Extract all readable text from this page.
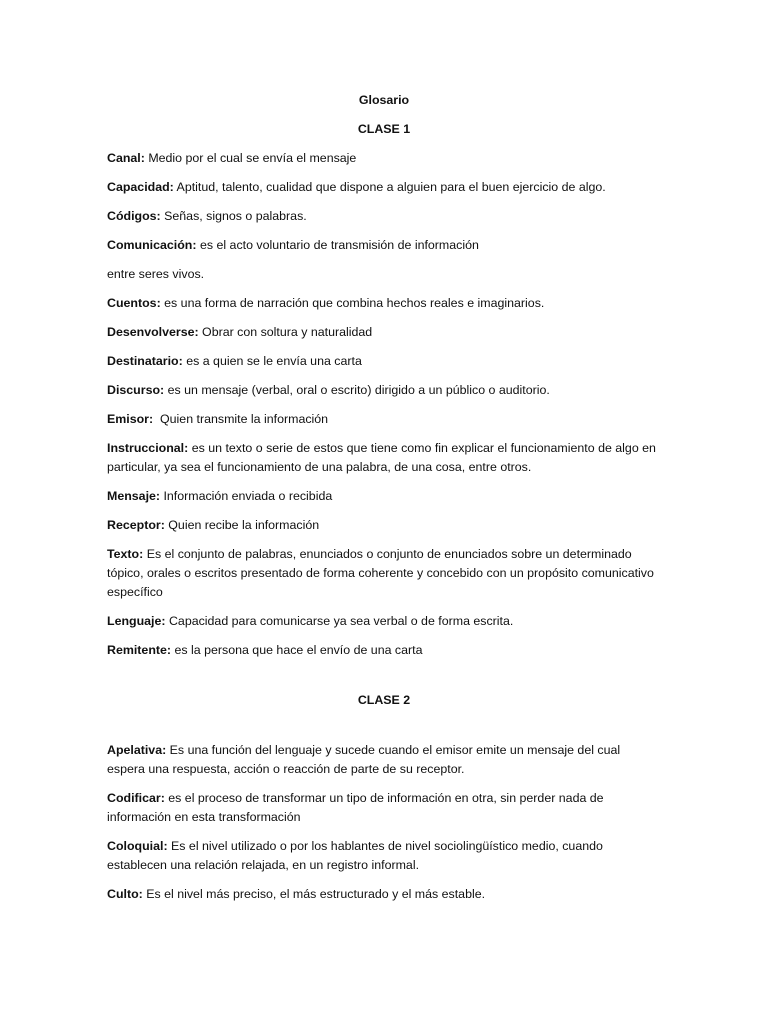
Glosario

CLASE 1

Canal: Medio por el cual se envía el mensaje

Capacidad: Aptitud, talento, cualidad que dispone a alguien para el buen ejercicio de algo.

Códigos: Señas, signos o palabras.

Comunicación: es el acto voluntario de transmisión de información

entre seres vivos.

Cuentos: es una forma de narración que combina hechos reales e imaginarios.

Desenvolverse: Obrar con soltura y naturalidad

Destinatario: es a quien se le envía una carta

Discurso: es un mensaje (verbal, oral o escrito) dirigido a un público o auditorio.

Emisor:  Quien transmite la información

Instruccional: es un texto o serie de estos que tiene como fin explicar el funcionamiento de algo en particular, ya sea el funcionamiento de una palabra, de una cosa, entre otros.

Mensaje: Información enviada o recibida

Receptor: Quien recibe la información

Texto: Es el conjunto de palabras, enunciados o conjunto de enunciados sobre un determinado tópico, orales o escritos presentado de forma coherente y concebido con un propósito comunicativo específico

Lenguaje: Capacidad para comunicarse ya sea verbal o de forma escrita.

Remitente: es la persona que hace el envío de una carta

CLASE 2

Apelativa: Es una función del lenguaje y sucede cuando el emisor emite un mensaje del cual espera una respuesta, acción o reacción de parte de su receptor.

Codificar: es el proceso de transformar un tipo de información en otra, sin perder nada de información en esta transformación

Coloquial: Es el nivel utilizado o por los hablantes de nivel sociolingüístico medio, cuando establecen una relación relajada, en un registro informal.

Culto: Es el nivel más preciso, el más estructurado y el más estable.
